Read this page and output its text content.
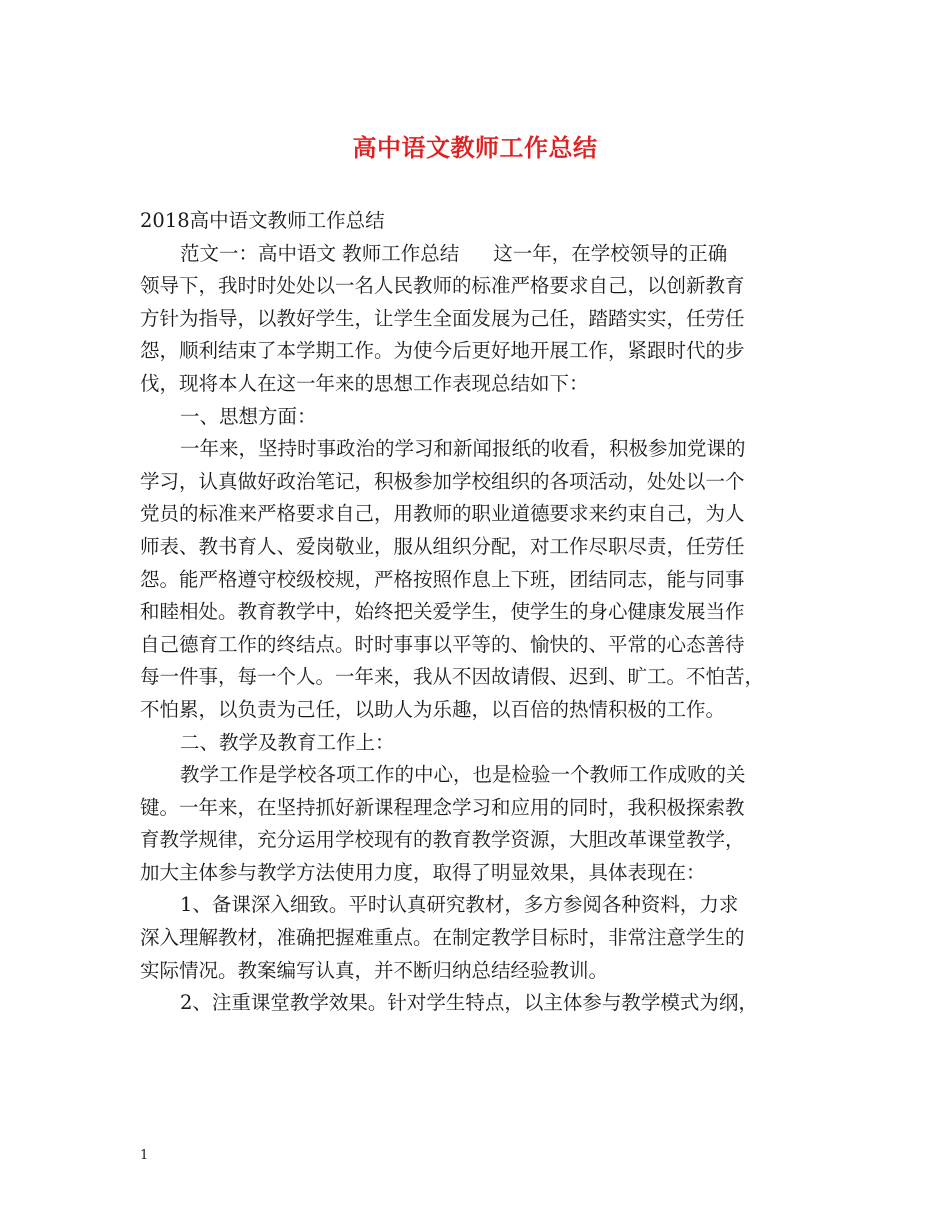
高中语文教师工作总结
2018高中语文教师工作总结
范文一：高中语文 教师工作总结 这一年，在学校领导的正确
领导下，我时时处处以一名人民教师的标准严格要求自己，以创新教育
方针为指导，以教好学生，让学生全面发展为己任，踏踏实实，任劳任
怨，顺利结束了本学期工作。为使今后更好地开展工作，紧跟时代的步
伐，现将本人在这一年来的思想工作表现总结如下：
一、思想方面：
一年来，坚持时事政治的学习和新闻报纸的收看，积极参加党课的
学习，认真做好政治笔记，积极参加学校组织的各项活动，处处以一个
党员的标准来严格要求自己，用教师的职业道德要求来约束自己，为人
师表、教书育人、爱岗敬业，服从组织分配，对工作尽职尽责，任劳任
怨。能严格遵守校级校规，严格按照作息上下班，团结同志，能与同事
和睦相处。教育教学中，始终把关爱学生，使学生的身心健康发展当作
自己德育工作的终结点。时时事事以平等的、愉快的、平常的心态善待
每一件事，每一个人。一年来，我从不因故请假、迟到、旷工。不怕苦，
不怕累，以负责为己任，以助人为乐趣，以百倍的热情积极的工作。
二、教学及教育工作上：
教学工作是学校各项工作的中心，也是检验一个教师工作成败的关
键。一年来，在坚持抓好新课程理念学习和应用的同时，我积极探索教
育教学规律，充分运用学校现有的教育教学资源，大胆改革课堂教学，
加大主体参与教学方法使用力度，取得了明显效果，具体表现在：
1、备课深入细致。平时认真研究教材，多方参阅各种资料，力求
深入理解教材，准确把握难重点。在制定教学目标时，非常注意学生的
实际情况。教案编写认真，并不断归纳总结经验教训。
2、注重课堂教学效果。针对学生特点，以主体参与教学模式为纲，
1
